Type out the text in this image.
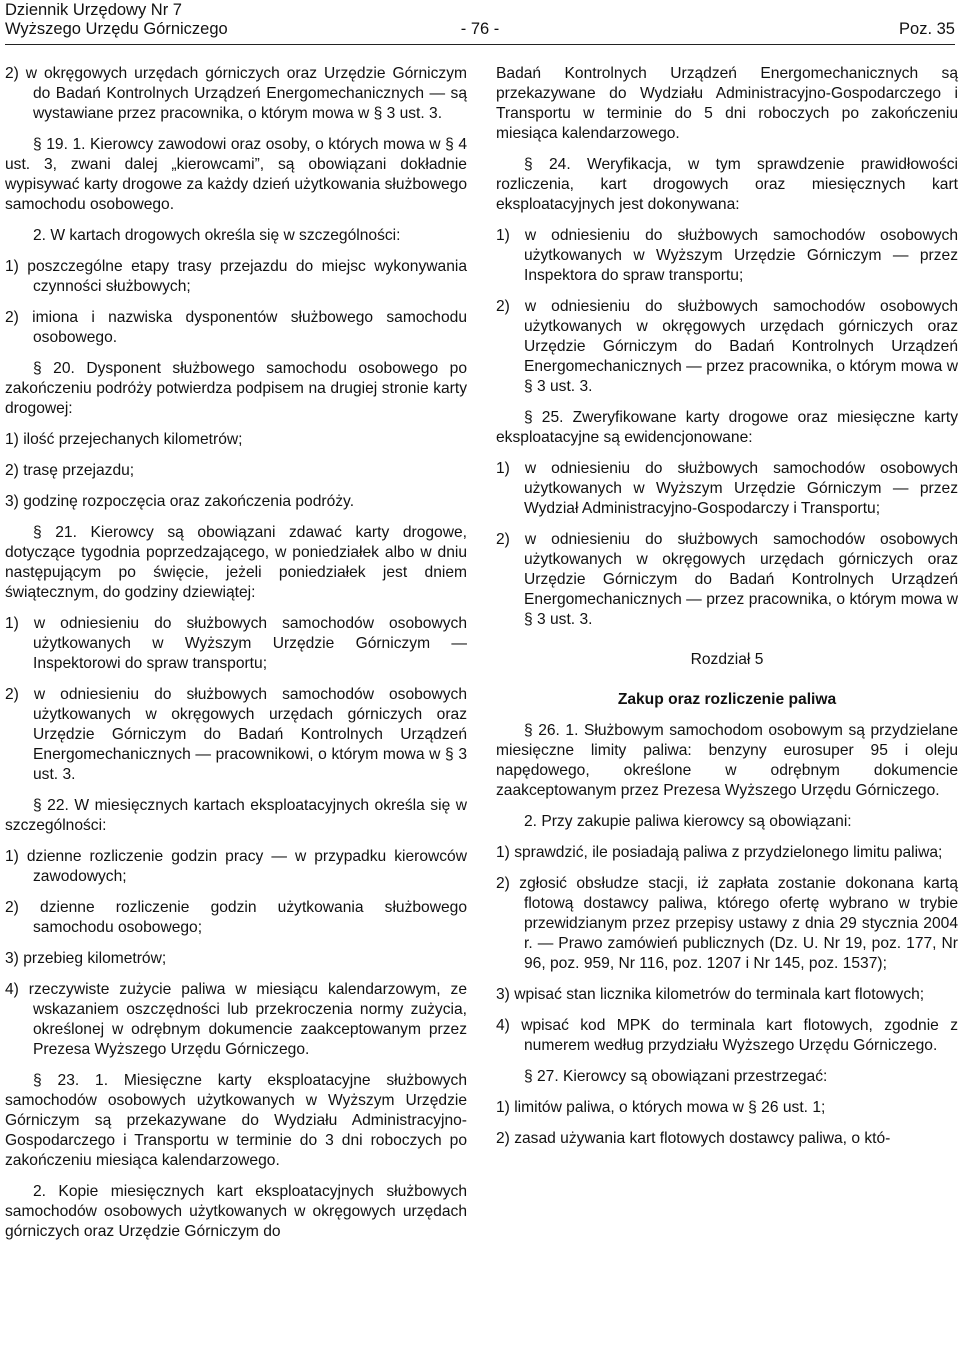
Dziennik Urzędowy Nr 7
Wyższego Urzędu Górniczego	- 76 -	Poz. 35

2) w okręgowych urzędach górniczych oraz Urzędzie Górniczym do Badań Kontrolnych Urządzeń Energomechanicznych — są wystawiane przez pracownika, o którym mowa w § 3 ust. 3.

§ 19. 1. Kierowcy zawodowi oraz osoby, o których mowa w § 4 ust. 3, zwani dalej „kierowcami”, są obowiązani dokładnie wypisywać karty drogowe za każdy dzień użytkowania służbowego samochodu osobowego.

2. W kartach drogowych określa się w szczególności:

1) poszczególne etapy trasy przejazdu do miejsc wykonywania czynności służbowych;

2) imiona i nazwiska dysponentów służbowego samochodu osobowego.

§ 20. Dysponent służbowego samochodu osobowego po zakończeniu podróży potwierdza podpisem na drugiej stronie karty drogowej:

1) ilość przejechanych kilometrów;

2) trasę przejazdu;

3) godzinę rozpoczęcia oraz zakończenia podróży.

§ 21. Kierowcy są obowiązani zdawać karty drogowe, dotyczące tygodnia poprzedzającego, w poniedziałek albo w dniu następującym po święcie, jeżeli poniedziałek jest dniem świątecznym, do godziny dziewiątej:

1) w odniesieniu do służbowych samochodów osobowych użytkowanych w Wyższym Urzędzie Górniczym — Inspektorowi do spraw transportu;

2) w odniesieniu do służbowych samochodów osobowych użytkowanych w okręgowych urzędach górniczych oraz Urzędzie Górniczym do Badań Kontrolnych Urządzeń Energomechanicznych — pracownikowi, o którym mowa w § 3 ust. 3.

§ 22. W miesięcznych kartach eksploatacyjnych określa się w szczególności:

1) dzienne rozliczenie godzin pracy — w przypadku kierowców zawodowych;

2) dzienne rozliczenie godzin użytkowania służbowego samochodu osobowego;

3) przebieg kilometrów;

4) rzeczywiste zużycie paliwa w miesiącu kalendarzowym, ze wskazaniem oszczędności lub przekroczenia normy zużycia, określonej w odrębnym dokumencie zaakceptowanym przez Prezesa Wyższego Urzędu Górniczego.

§ 23. 1. Miesięczne karty eksploatacyjne służbowych samochodów osobowych użytkowanych w Wyższym Urzędzie Górniczym są przekazywane do Wydziału Administracyjno-Gospodarczego i Transportu w terminie do 3 dni roboczych po zakończeniu miesiąca kalendarzowego.

2. Kopie miesięcznych kart eksploatacyjnych służbowych samochodów osobowych użytkowanych w okręgowych urzędach górniczych oraz Urzędzie Górniczym do

Badań Kontrolnych Urządzeń Energomechanicznych są przekazywane do Wydziału Administracyjno-Gospodarczego i Transportu w terminie do 5 dni roboczych po zakończeniu miesiąca kalendarzowego.

§ 24. Weryfikacja, w tym sprawdzenie prawidłowości rozliczenia, kart drogowych oraz miesięcznych kart eksploatacyjnych jest dokonywana:

1) w odniesieniu do służbowych samochodów osobowych użytkowanych w Wyższym Urzędzie Górniczym — przez Inspektora do spraw transportu;

2) w odniesieniu do służbowych samochodów osobowych użytkowanych w okręgowych urzędach górniczych oraz Urzędzie Górniczym do Badań Kontrolnych Urządzeń Energomechanicznych — przez pracownika, o którym mowa w § 3 ust. 3.

§ 25. Zweryfikowane karty drogowe oraz miesięczne karty eksploatacyjne są ewidencjonowane:

1) w odniesieniu do służbowych samochodów osobowych użytkowanych w Wyższym Urzędzie Górniczym — przez Wydział Administracyjno-Gospodarczy i Transportu;

2) w odniesieniu do służbowych samochodów osobowych użytkowanych w okręgowych urzędach górniczych oraz Urzędzie Górniczym do Badań Kontrolnych Urządzeń Energomechanicznych — przez pracownika, o którym mowa w § 3 ust. 3.

Rozdział 5

Zakup oraz rozliczenie paliwa

§ 26. 1. Służbowym samochodom osobowym są przydzielane miesięczne limity paliwa: benzyny eurosuper 95 i oleju napędowego, określone w odrębnym dokumencie zaakceptowanym przez Prezesa Wyższego Urzędu Górniczego.

2. Przy zakupie paliwa kierowcy są obowiązani:

1) sprawdzić, ile posiadają paliwa z przydzielonego limitu paliwa;

2) zgłosić obsłudze stacji, iż zapłata zostanie dokonana kartą flotową dostawcy paliwa, którego ofertę wybrano w trybie przewidzianym przez przepisy ustawy z dnia 29 stycznia 2004 r. — Prawo zamówień publicznych (Dz. U. Nr 19, poz. 177, Nr 96, poz. 959, Nr 116, poz. 1207 i Nr 145, poz. 1537);

3) wpisać stan licznika kilometrów do terminala kart flotowych;

4) wpisać kod MPK do terminala kart flotowych, zgodnie z numerem według przydziału Wyższego Urzędu Górniczego.

§ 27. Kierowcy są obowiązani przestrzegać:

1) limitów paliwa, o których mowa w § 26 ust. 1;

2) zasad używania kart flotowych dostawcy paliwa, o któ-
